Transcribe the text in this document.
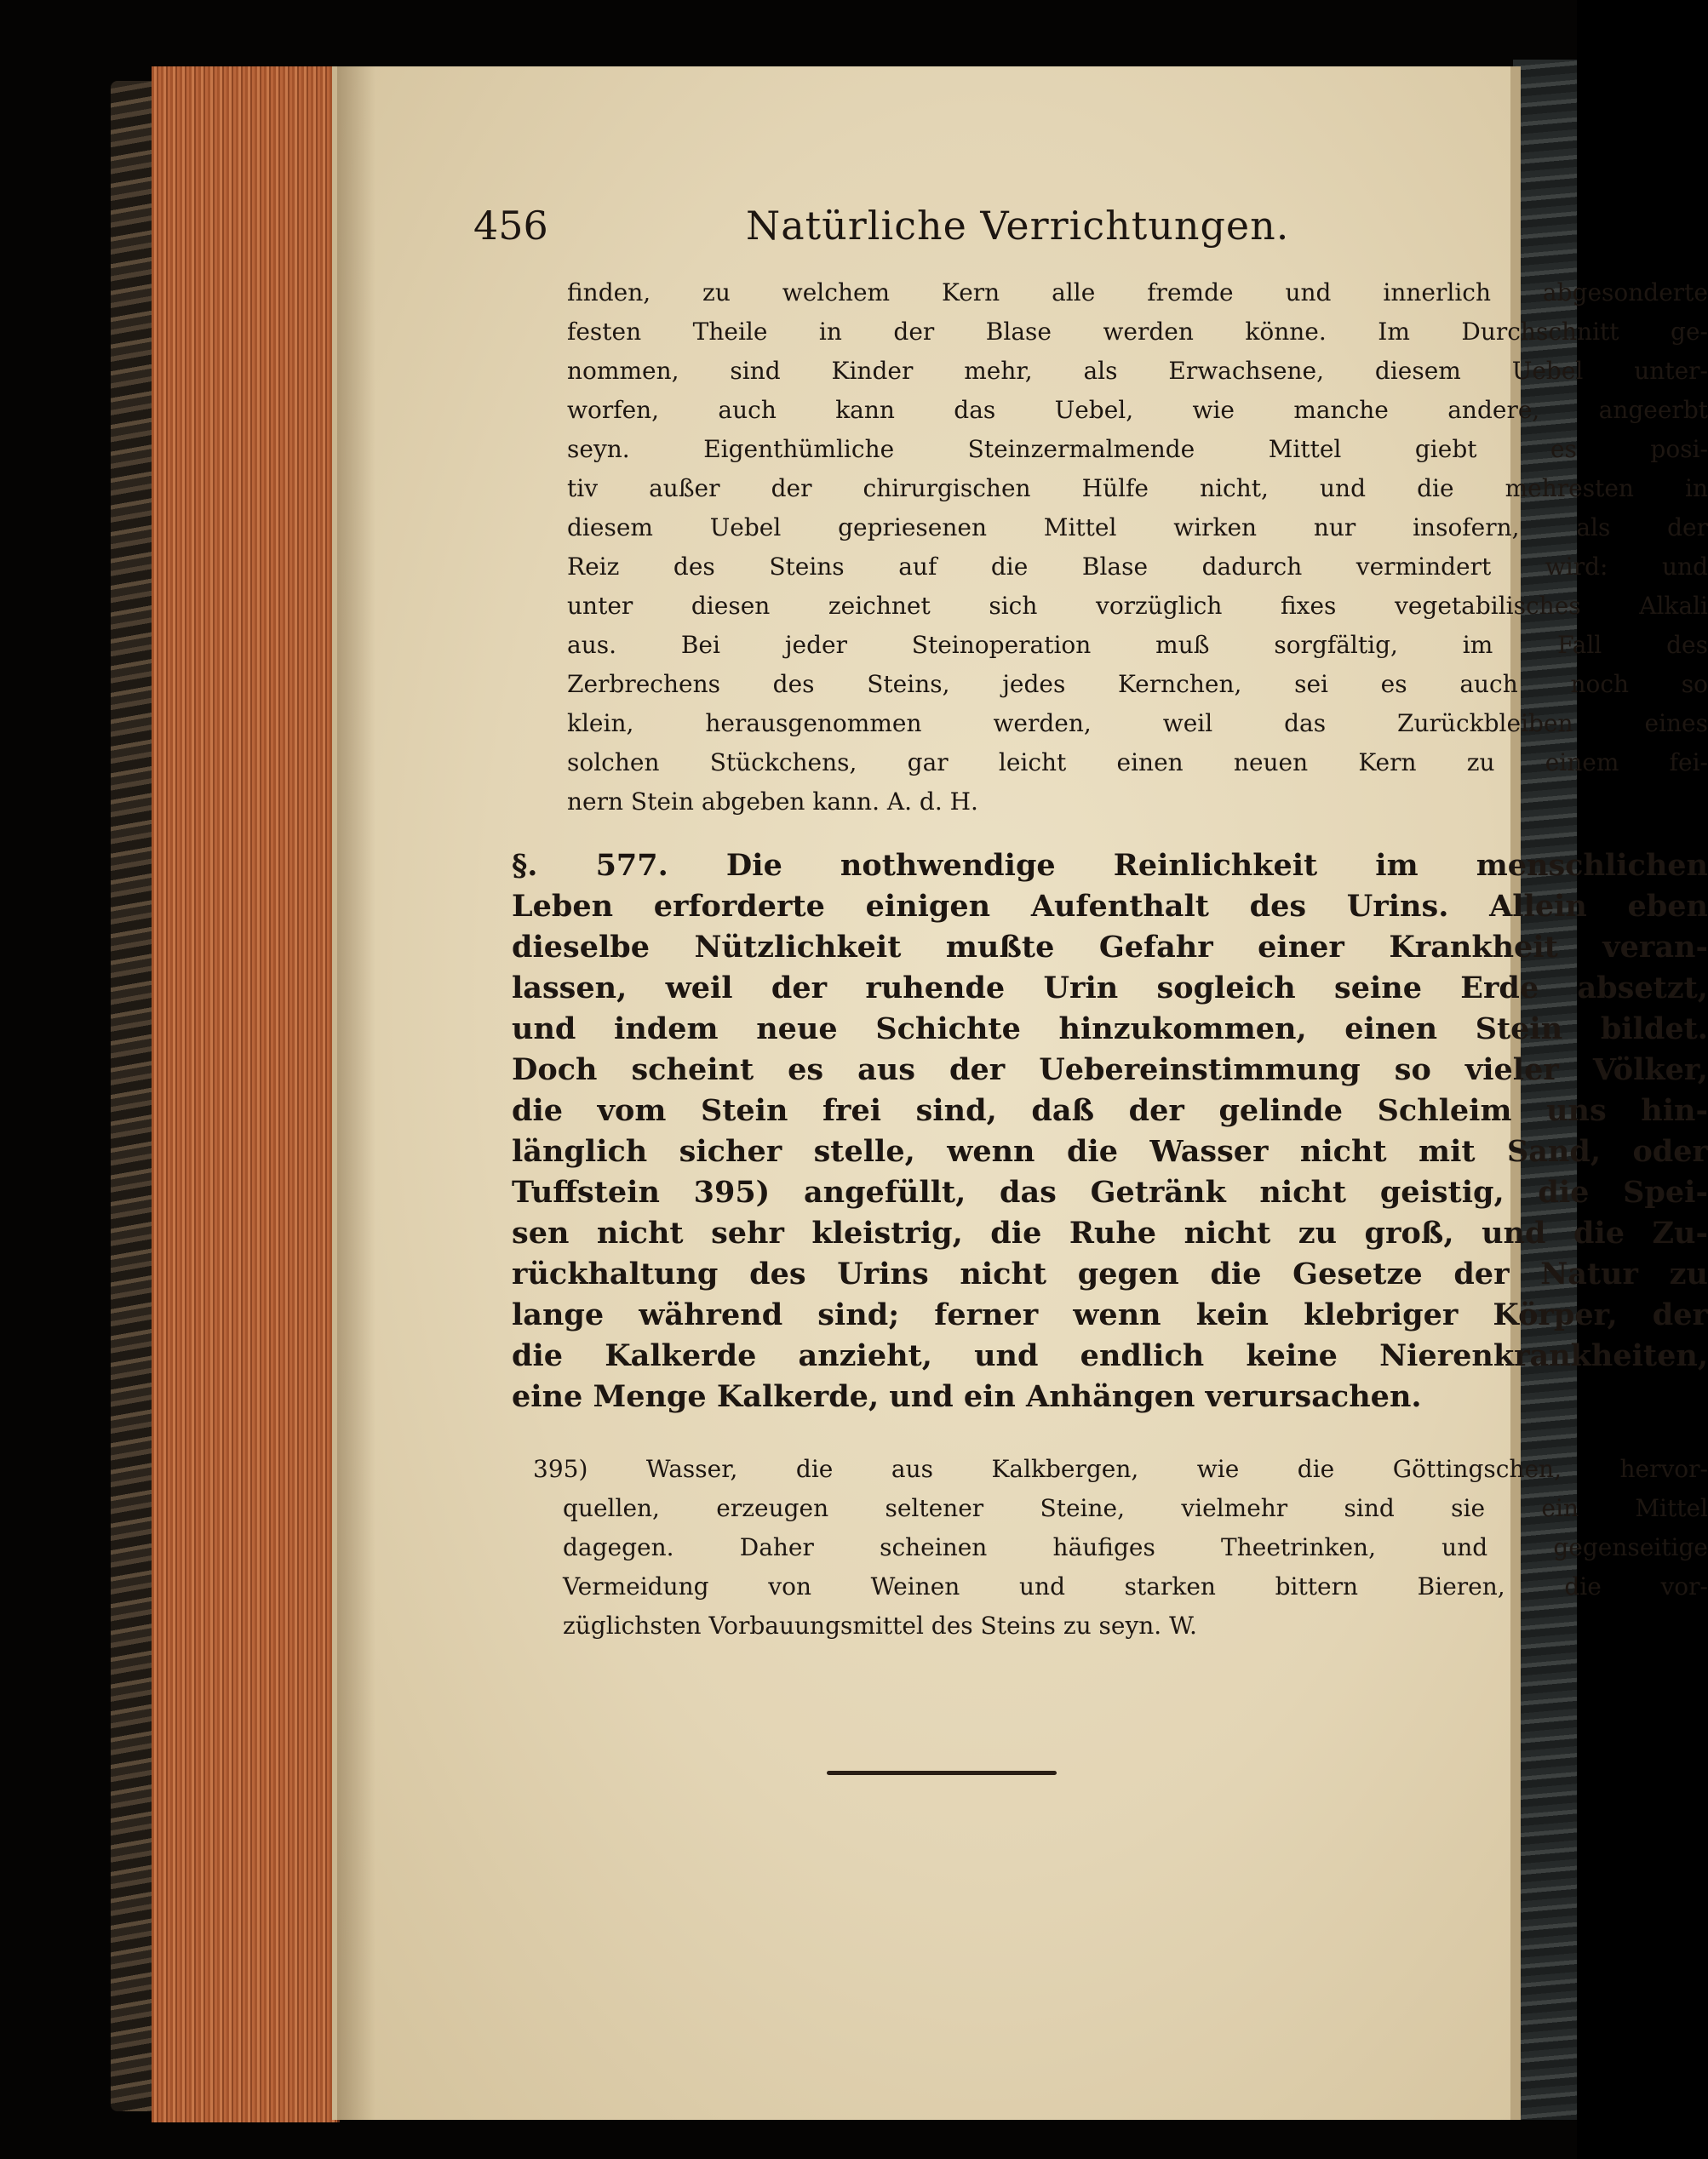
456	Natürliche Verrichtungen.
finden, zu welchem Kern alle fremde und innerlich abgesonderte
festen Theile in der Blase werden könne. Im Durchschnitt ge-
nommen, sind Kinder mehr, als Erwachsene, diesem Uebel unter-
worfen, auch kann das Uebel, wie manche andere, angeerbt
seyn. Eigenthümliche Steinzermalmende Mittel giebt es posi-
tiv außer der chirurgischen Hülfe nicht, und die mehresten in
diesem Uebel gepriesenen Mittel wirken nur insofern, als der
Reiz des Steins auf die Blase dadurch vermindert wird: und
unter diesen zeichnet sich vorzüglich fixes vegetabilisches Alkali
aus. Bei jeder Steinoperation muß sorgfältig, im Fall des
Zerbrechens des Steins, jedes Kernchen, sei es auch noch so
klein, herausgenommen werden, weil das Zurückbleiben eines
solchen Stückchens, gar leicht einen neuen Kern zu einem fei-
nern Stein abgeben kann. A. d. H.
§. 577. Die nothwendige Reinlichkeit im menschlichen
Leben erforderte einigen Aufenthalt des Urins. Allein eben
dieselbe Nützlichkeit mußte Gefahr einer Krankheit veran-
lassen, weil der ruhende Urin sogleich seine Erde absetzt,
und indem neue Schichte hinzukommen, einen Stein bildet.
Doch scheint es aus der Uebereinstimmung so vieler Völker,
die vom Stein frei sind, daß der gelinde Schleim uns hin-
länglich sicher stelle, wenn die Wasser nicht mit Sand, oder
Tuffstein 395) angefüllt, das Getränk nicht geistig, die Spei-
sen nicht sehr kleistrig, die Ruhe nicht zu groß, und die Zu-
rückhaltung des Urins nicht gegen die Gesetze der Natur zu
lange während sind; ferner wenn kein klebriger Körper, der
die Kalkerde anzieht, und endlich keine Nierenkrankheiten,
eine Menge Kalkerde, und ein Anhängen verursachen.
395) Wasser, die aus Kalkbergen, wie die Göttingschen, hervor-
quellen, erzeugen seltener Steine, vielmehr sind sie ein Mittel
dagegen. Daher scheinen häufiges Theetrinken, und gegenseitige
Vermeidung von Weinen und starken bittern Bieren, die vor-
züglichsten Vorbauungsmittel des Steins zu seyn. W.
